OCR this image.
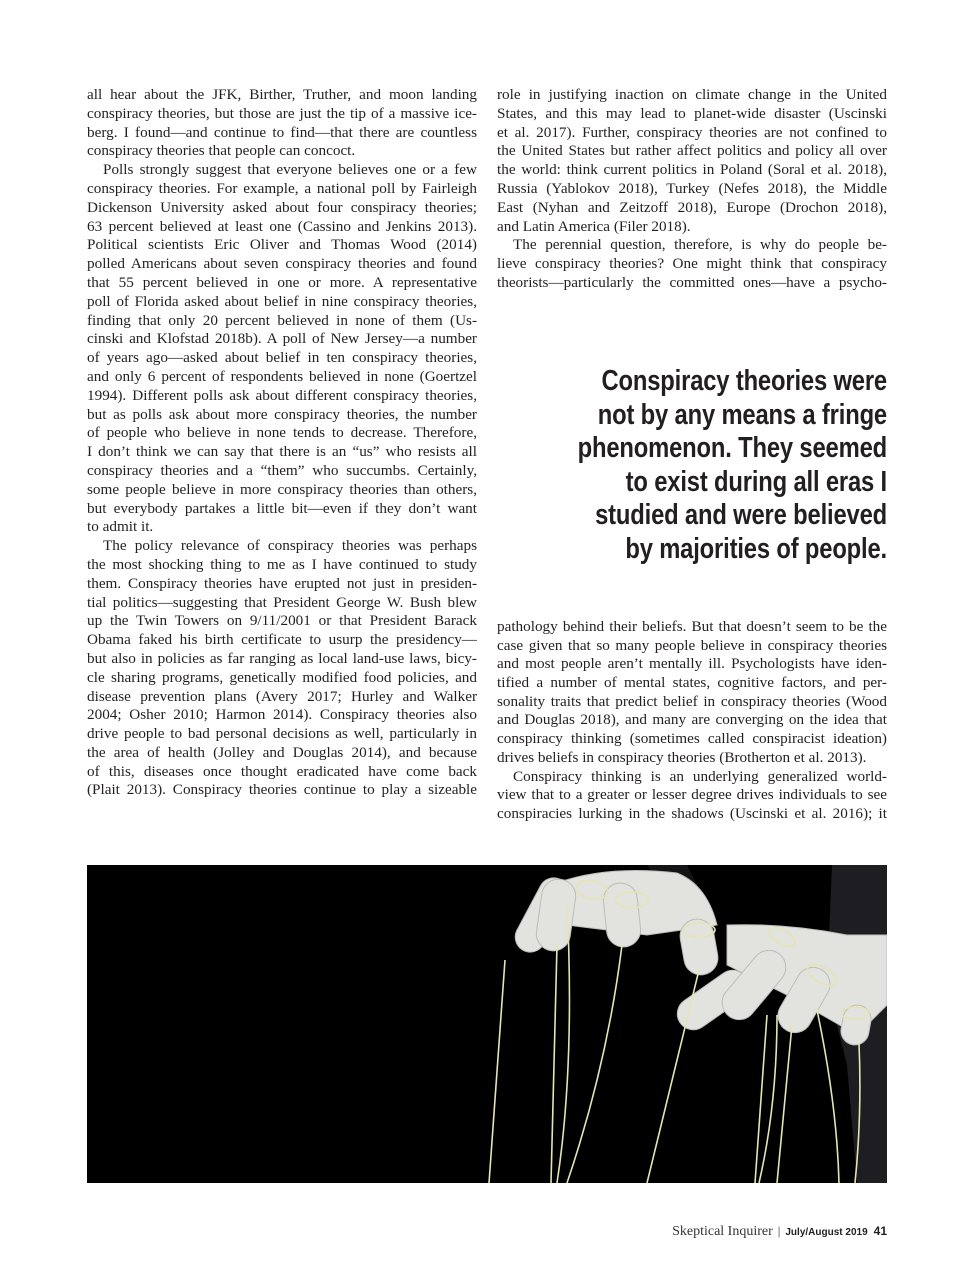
all hear about the JFK, Birther, Truther, and moon landing
conspiracy theories, but those are just the tip of a massive ice-
berg. I found—and continue to find—that there are countless
conspiracy theories that people can concoct.
Polls strongly suggest that everyone believes one or a few
conspiracy theories. For example, a national poll by Fairleigh
Dickenson University asked about four conspiracy theories;
63 percent believed at least one (Cassino and Jenkins 2013).
Political scientists Eric Oliver and Thomas Wood (2014)
polled Americans about seven conspiracy theories and found
that 55 percent believed in one or more. A representative
poll of Florida asked about belief in nine conspiracy theories,
finding that only 20 percent believed in none of them (Us-
cinski and Klofstad 2018b). A poll of New Jersey—a number
of years ago—asked about belief in ten conspiracy theories,
and only 6 percent of respondents believed in none (Goertzel
1994). Different polls ask about different conspiracy theories,
but as polls ask about more conspiracy theories, the number
of people who believe in none tends to decrease. Therefore,
I don’t think we can say that there is an “us” who resists all
conspiracy theories and a “them” who succumbs. Certainly,
some people believe in more conspiracy theories than others,
but everybody partakes a little bit—even if they don’t want
to admit it.
The policy relevance of conspiracy theories was perhaps
the most shocking thing to me as I have continued to study
them. Conspiracy theories have erupted not just in presiden-
tial politics—suggesting that President George W. Bush blew
up the Twin Towers on 9/11/2001 or that President Barack
Obama faked his birth certificate to usurp the presidency—
but also in policies as far ranging as local land-use laws, bicy-
cle sharing programs, genetically modified food policies, and
disease prevention plans (Avery 2017; Hurley and Walker
2004; Osher 2010; Harmon 2014). Conspiracy theories also
drive people to bad personal decisions as well, particularly in
the area of health (Jolley and Douglas 2014), and because
of this, diseases once thought eradicated have come back
(Plait 2013). Conspiracy theories continue to play a sizeable
role in justifying inaction on climate change in the United
States, and this may lead to planet-wide disaster (Uscinski
et al. 2017). Further, conspiracy theories are not confined to
the United States but rather affect politics and policy all over
the world: think current politics in Poland (Soral et al. 2018),
Russia (Yablokov 2018), Turkey (Nefes 2018), the Middle
East (Nyhan and Zeitzoff 2018), Europe (Drochon 2018),
and Latin America (Filer 2018).
The perennial question, therefore, is why do people be-
lieve conspiracy theories? One might think that conspiracy
theorists—particularly the committed ones—have a psycho-
Conspiracy theories were
not by any means a fringe
phenomenon. They seemed
to exist during all eras I
studied and were believed
by majorities of people.
pathology behind their beliefs. But that doesn’t seem to be the
case given that so many people believe in conspiracy theories
and most people aren’t mentally ill. Psychologists have iden-
tified a number of mental states, cognitive factors, and per-
sonality traits that predict belief in conspiracy theories (Wood
and Douglas 2018), and many are converging on the idea that
conspiracy thinking (sometimes called conspiracist ideation)
drives beliefs in conspiracy theories (Brotherton et al. 2013).
Conspiracy thinking is an underlying generalized world-
view that to a greater or lesser degree drives individuals to see
conspiracies lurking in the shadows (Uscinski et al. 2016); it
Skeptical Inquirer | July/August 2019 41
